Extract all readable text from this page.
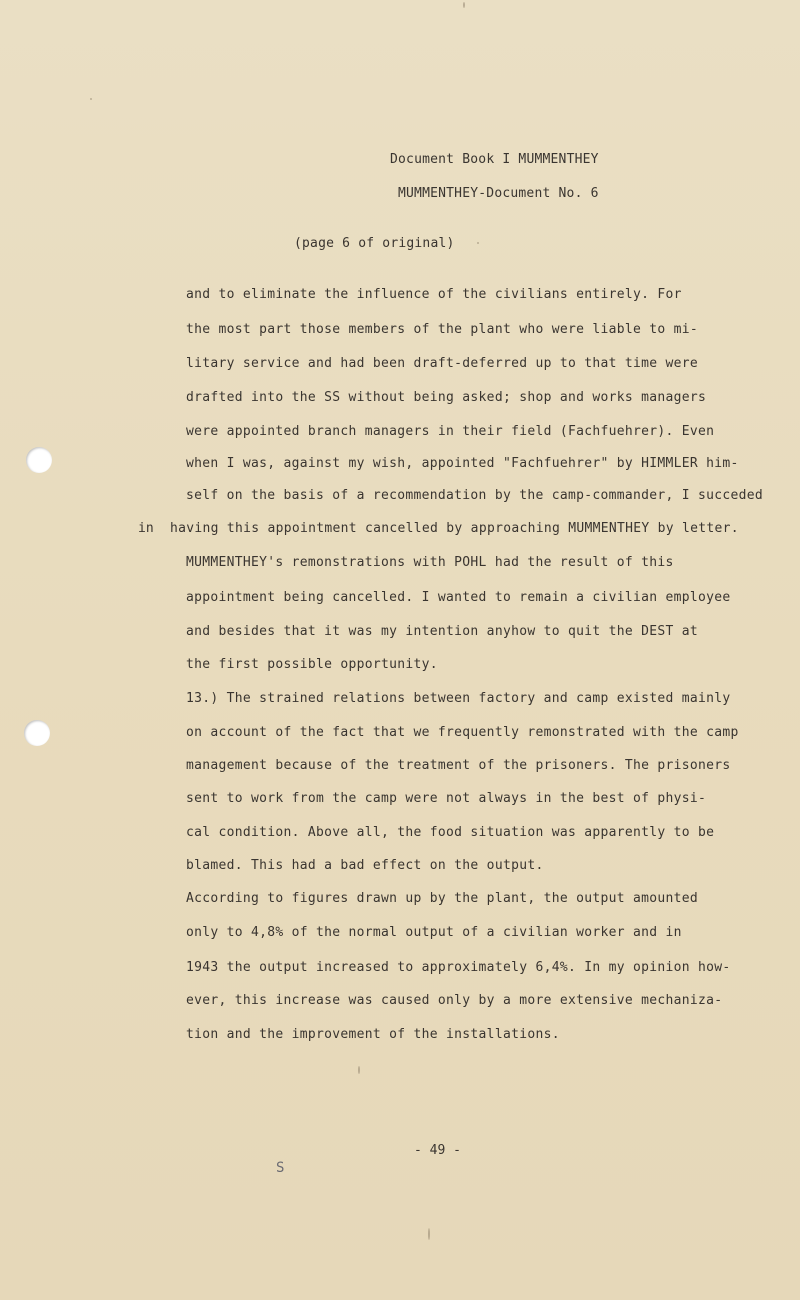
Document Book I MUMMENTHEY
MUMMENTHEY-Document No. 6
(page 6 of original)
and to eliminate the influence of the civilians entirely. For
the most part those members of the plant who were liable to mi-
litary service and had been draft-deferred up to that time were
drafted into the SS without being asked; shop and works managers
were appointed branch managers in their field (Fachfuehrer). Even
when I was, against my wish, appointed "Fachfuehrer" by HIMMLER him-
self on the basis of a recommendation by the camp-commander, I succeded
in having this appointment cancelled by approaching MUMMENTHEY by letter.
MUMMENTHEY's remonstrations with POHL had the result of this
appointment being cancelled. I wanted to remain a civilian employee
and besides that it was my intention anyhow to quit the DEST at
the first possible opportunity.
13.) The strained relations between factory and camp existed mainly
on account of the fact that we frequently remonstrated with the camp
management because of the treatment of the prisoners. The prisoners
sent to work from the camp were not always in the best of physi-
cal condition. Above all, the food situation was apparently to be
blamed. This had a bad effect on the output.
According to figures drawn up by the plant, the output amounted
only to 4,8% of the normal output of a civilian worker and in
1943 the output increased to approximately 6,4%. In my opinion how-
ever, this increase was caused only by a more extensive mechaniza-
tion and the improvement of the installations.
- 49 -
S
